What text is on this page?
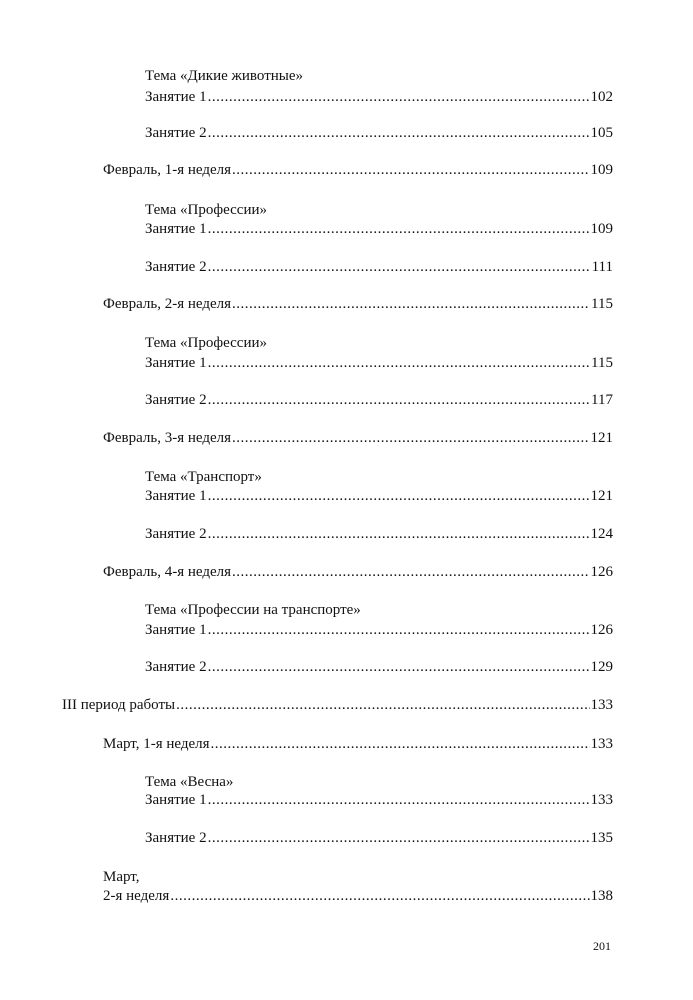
Тема «Дикие животные»
Занятие 1 .....	102
Занятие 2 .....	105
Февраль, 1-я неделя .....	109
Тема «Профессии»
Занятие 1 .....	109
Занятие 2 .....	111
Февраль, 2-я неделя .....	115
Тема «Профессии»
Занятие 1 .....	115
Занятие 2 .....	117
Февраль, 3-я неделя .....	121
Тема «Транспорт»
Занятие 1 .....	121
Занятие 2 .....	124
Февраль, 4-я неделя .....	126
Тема «Профессии на транспорте»
Занятие 1 .....	126
Занятие 2 .....	129
III период работы .....	133
Март, 1-я неделя .....	133
Тема «Весна»
Занятие 1 .....	133
Занятие 2 .....	135
Март,
2-я неделя .....	138
201
